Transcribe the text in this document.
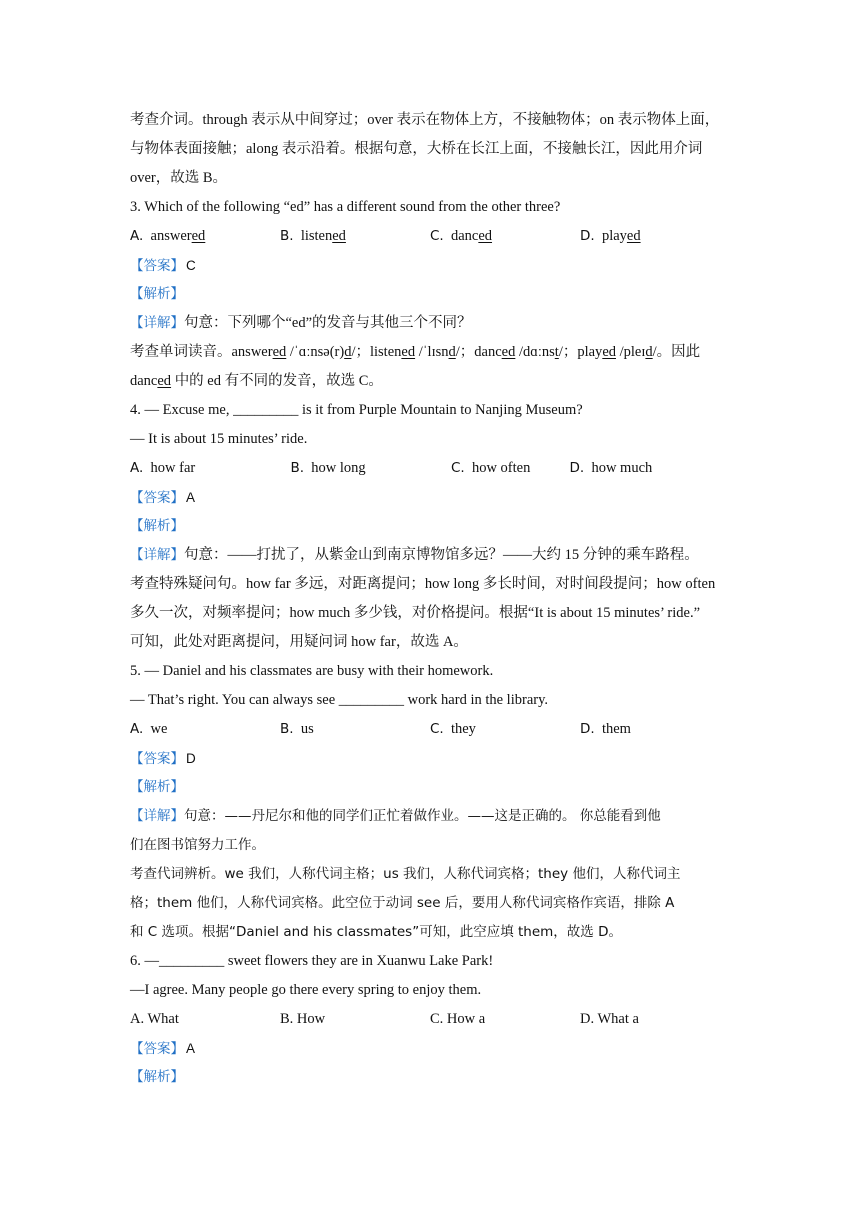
考查介词。through 表示从中间穿过；over 表示在物体上方，不接触物体；on 表示物体上面，
与物体表面接触；along 表示沿着。根据句意，大桥在长江上面，不接触长江，因此用介词
over，故选 B。
3. Which of the following “ed” has a different sound from the other three?
A. answered	B. listened	C. danced	D. played
【答案】 C
【解析】
【详解】句意：下列哪个“ed”的发音与其他三个不同？
考查单词读音。answered /ˈɑːnsə(r)d/；listened /ˈlɪsnd/；danced /dɑːnst/；played /pleɪd/。因此
danced 中的 ed 有不同的发音，故选 C。
4. — Excuse me, _________ is it from Purple Mountain to Nanjing Museum?
— It is about 15 minutes’ ride.
A. how far	B. how long	C. how often	D. how much
【答案】 A
【解析】
【详解】句意：——打扰了，从紫金山到南京博物馆多远？——大约 15 分钟的乘车路程。
考查特殊疑问句。how far 多远，对距离提问；how long 多长时间，对时间段提问；how often
多久一次，对频率提问；how much 多少钱，对价格提问。根据“It is about 15 minutes’ ride.”
可知，此处对距离提问，用疑问词 how far，故选 A。
5. — Daniel and his classmates are busy with their homework.
— That’s right. You can always see _________ work hard in the library.
A. we	B. us	C. they	D. them
【答案】 D
【解析】
【详解】句意：——丹尼尔和他的同学们正忙着做作业。——这是正确的。 你总能看到他
们在图书馆努力工作。
考查代词辨析。we 我们，人称代词主格；us 我们，人称代词宾格；they 他们，人称代词主
格；them 他们，人称代词宾格。此空位于动词 see 后，要用人称代词宾格作宾语，排除 A
和 C 选项。根据“Daniel and his classmates”可知，此空应填 them，故选 D。
6. —_________ sweet flowers they are in Xuanwu Lake Park!
—I agree. Many people go there every spring to enjoy them.
A. What	B. How	C. How a	D. What a
【答案】 A
【解析】
